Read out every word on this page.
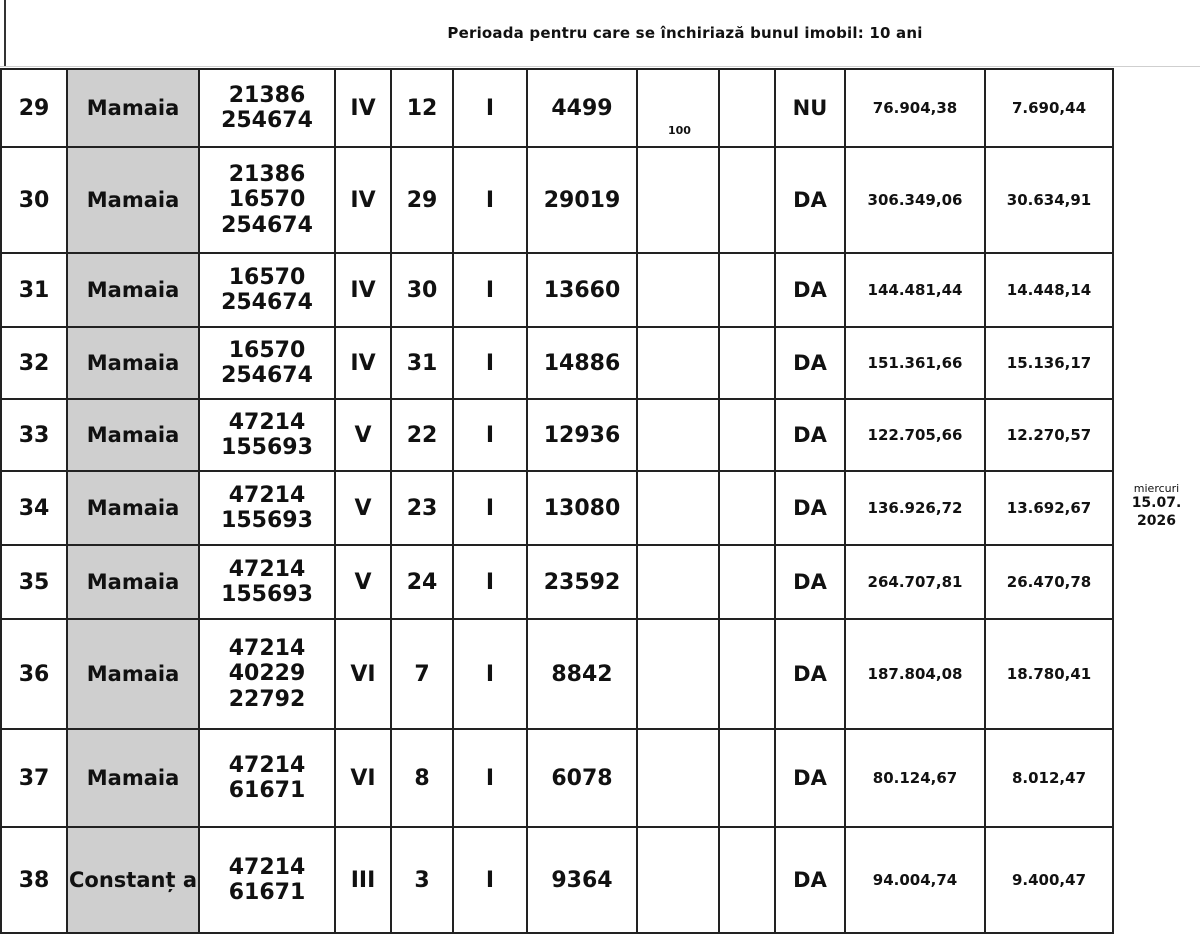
Perioada pentru care se închiriază bunul imobil: 10 ani
29	Mamaia	21386
254674	IV	12	I	4499	100		NU	76.904,38	7.690,44	miercuri
15.07.
2026

30	Mamaia	21386
16570
254674	IV	29	I	29019			DA	306.349,06	30.634,91	
31	Mamaia	16570
254674	IV	30	I	13660			DA	144.481,44	14.448,14	
32	Mamaia	16570
254674	IV	31	I	14886			DA	151.361,66	15.136,17	
33	Mamaia	47214
155693	V	22	I	12936			DA	122.705,66	12.270,57	
34	Mamaia	47214
155693	V	23	I	13080			DA	136.926,72	13.692,67	
35	Mamaia	47214
155693	V	24	I	23592			DA	264.707,81	26.470,78	
36	Mamaia	47214
40229
22792	VI	7	I	8842			DA	187.804,08	18.780,41	
37	Mamaia	47214
61671	VI	8	I	6078			DA	80.124,67	8.012,47	
38	Constanț a	47214
61671	III	3	I	9364			DA	94.004,74	9.400,47	
